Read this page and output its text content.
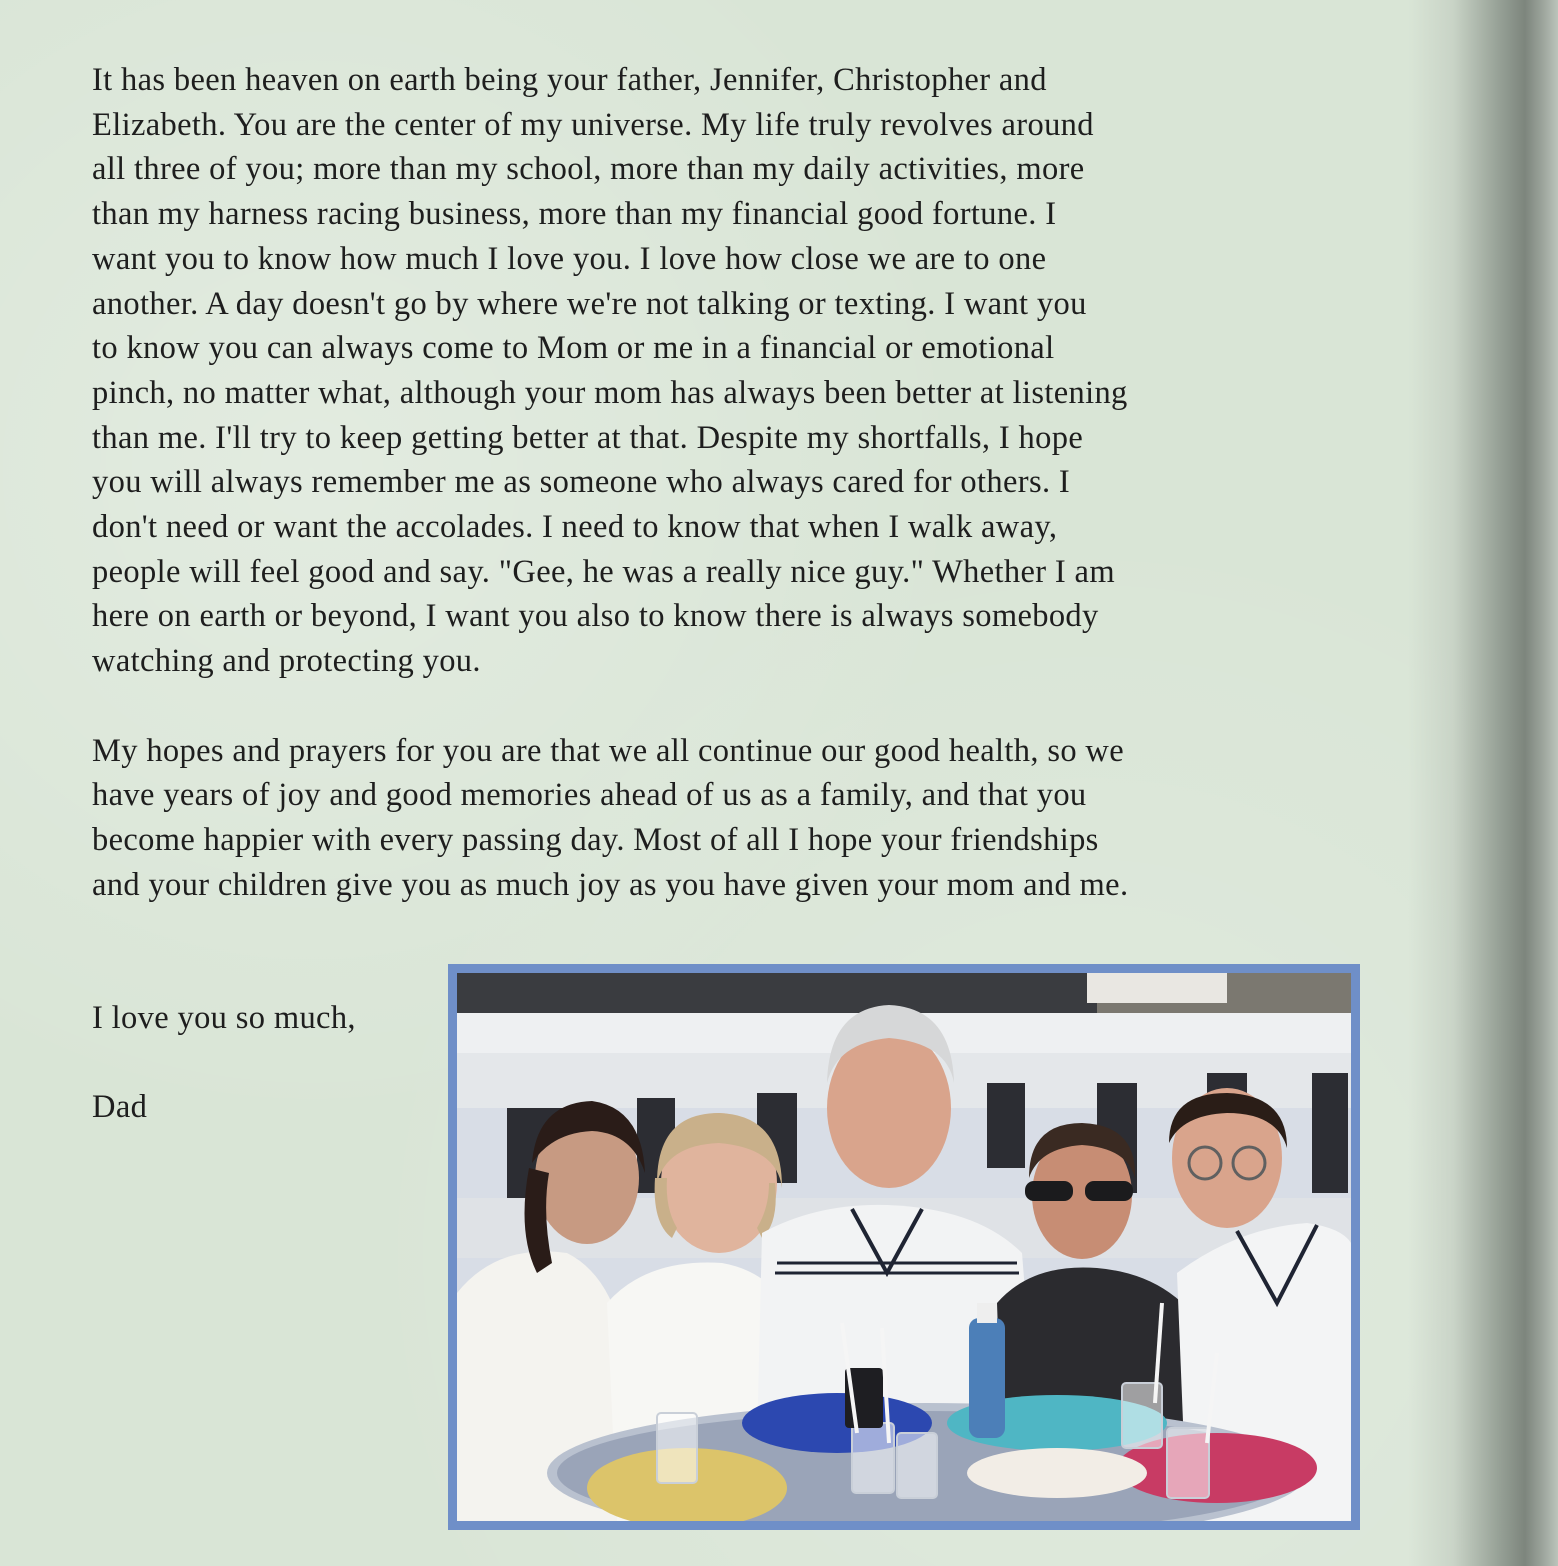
It has been heaven on earth being your father, Jennifer, Christopher and
Elizabeth. You are the center of my universe. My life truly revolves around
all three of you; more than my school, more than my daily activities, more
than my harness racing business, more than my financial good fortune. I
want you to know how much I love you. I love how close we are to one
another. A day doesn't go by where we're not talking or texting. I want you
to know you can always come to Mom or me in a financial or emotional
pinch, no matter what, although your mom has always been better at listening
than me. I'll try to keep getting better at that. Despite my shortfalls, I hope
you will always remember me as someone who always cared for others. I
don't need or want the accolades. I need to know that when I walk away,
people will feel good and say. "Gee, he was a really nice guy." Whether I am
here on earth or beyond, I want you also to know there is always somebody
watching and protecting you.

My hopes and prayers for you are that we all continue our good health, so we
have years of joy and good memories ahead of us as a family, and that you
become happier with every passing day. Most of all I hope your friendships
and your children give you as much joy as you have given your mom and me.

I love you so much,
Dad
